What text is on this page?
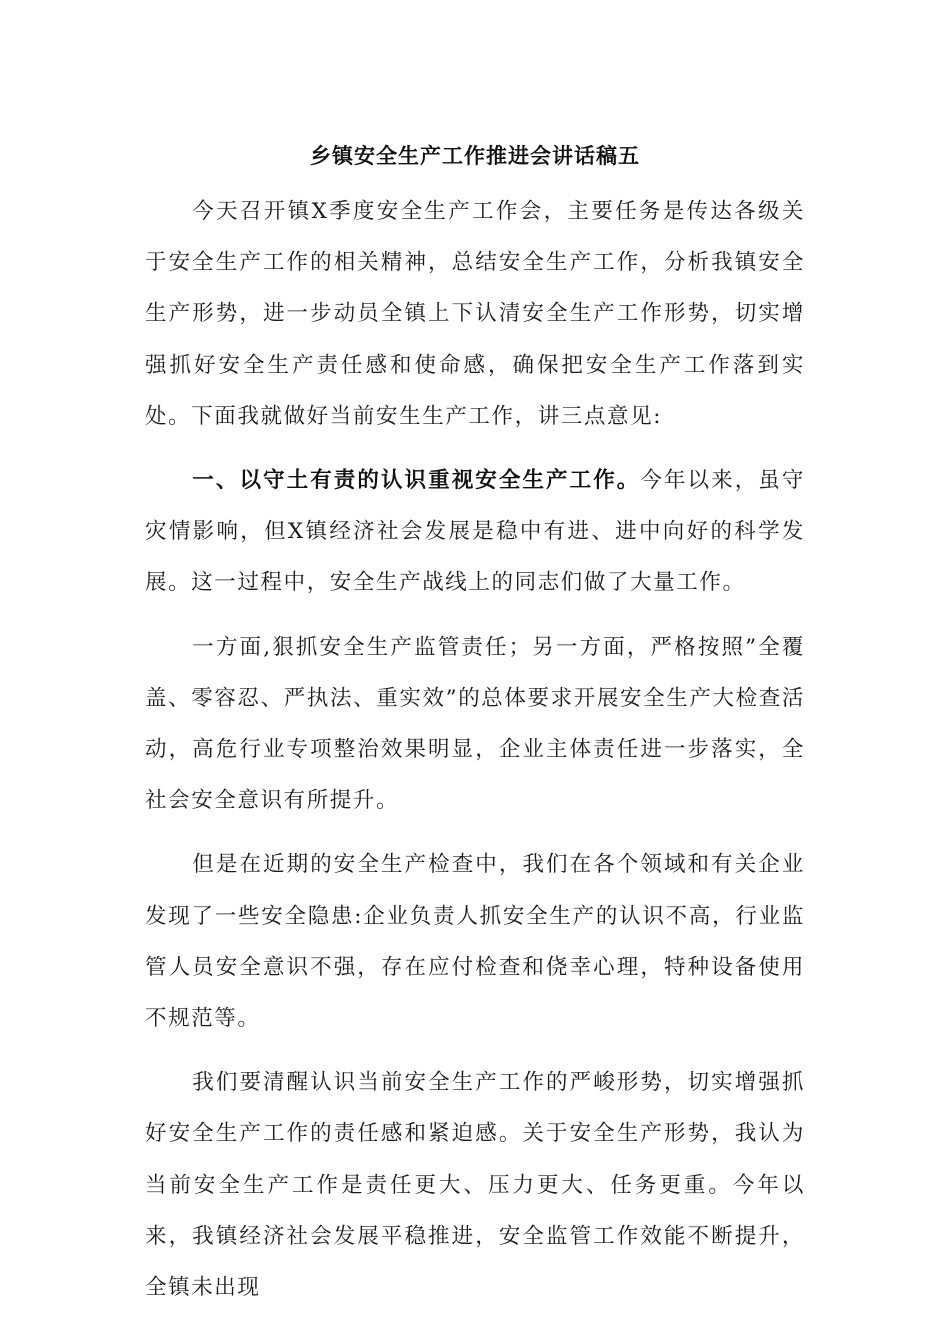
乡镇安全生产工作推进会讲话稿五

今天召开镇X季度安全生产工作会，主要任务是传达各级关于安全生产工作的相关精神，总结安全生产工作，分析我镇安全生产形势，进一步动员全镇上下认清安全生产工作形势，切实增强抓好安全生产责任感和使命感，确保把安全生产工作落到实处。下面我就做好当前安生生产工作，讲三点意见:

一、以守土有责的认识重视安全生产工作。今年以来，虽守灾情影响，但X镇经济社会发展是稳中有进、进中向好的科学发展。这一过程中，安全生产战线上的同志们做了大量工作。

一方面,狠抓安全生产监管责任；另一方面，严格按照”全覆盖、零容忍、严执法、重实效”的总体要求开展安全生产大检查活动，高危行业专项整治效果明显，企业主体责任进一步落实，全社会安全意识有所提升。

但是在近期的安全生产检查中，我们在各个领域和有关企业发现了一些安全隐患:企业负责人抓安全生产的认识不高，行业监管人员安全意识不强，存在应付检查和侥幸心理，特种设备使用不规范等。

我们要清醒认识当前安全生产工作的严峻形势，切实增强抓好安全生产工作的责任感和紧迫感。关于安全生产形势，我认为当前安全生产工作是责任更大、压力更大、任务更重。今年以来，我镇经济社会发展平稳推进，安全监管工作效能不断提升，全镇未出现
